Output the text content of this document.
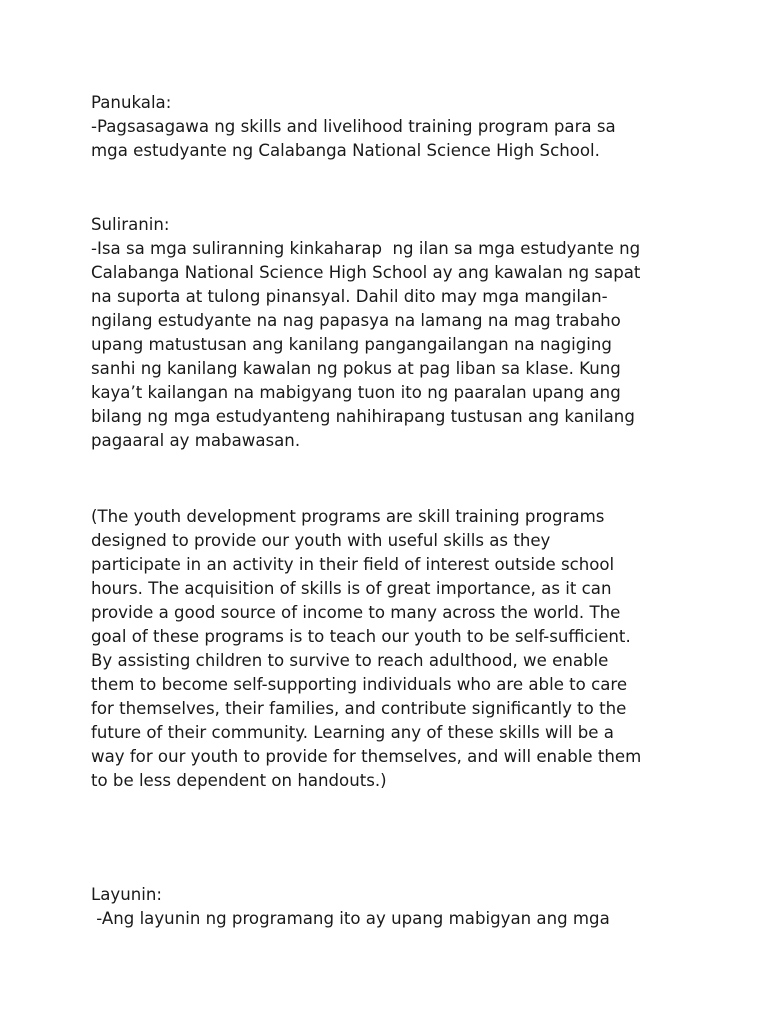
Panukala:

-Pagsasagawa ng skills and livelihood training program para sa

mga estudyante ng Calabanga National Science High School.

Suliranin:

-Isa sa mga suliranning kinkaharap  ng ilan sa mga estudyante ng

Calabanga National Science High School ay ang kawalan ng sapat

na suporta at tulong pinansyal. Dahil dito may mga mangilan-

ngilang estudyante na nag papasya na lamang na mag trabaho

upang matustusan ang kanilang pangangailangan na nagiging

sanhi ng kanilang kawalan ng pokus at pag liban sa klase. Kung

kaya’t kailangan na mabigyang tuon ito ng paaralan upang ang

bilang ng mga estudyanteng nahihirapang tustusan ang kanilang

pagaaral ay mabawasan.

(The youth development programs are skill training programs

designed to provide our youth with useful skills as they

participate in an activity in their field of interest outside school

hours. The acquisition of skills is of great importance, as it can

provide a good source of income to many across the world. The

goal of these programs is to teach our youth to be self-sufficient.

By assisting children to survive to reach adulthood, we enable

them to become self-supporting individuals who are able to care

for themselves, their families, and contribute significantly to the

future of their community. Learning any of these skills will be a

way for our youth to provide for themselves, and will enable them

to be less dependent on handouts.)

Layunin:

-Ang layunin ng programang ito ay upang mabigyan ang mga
